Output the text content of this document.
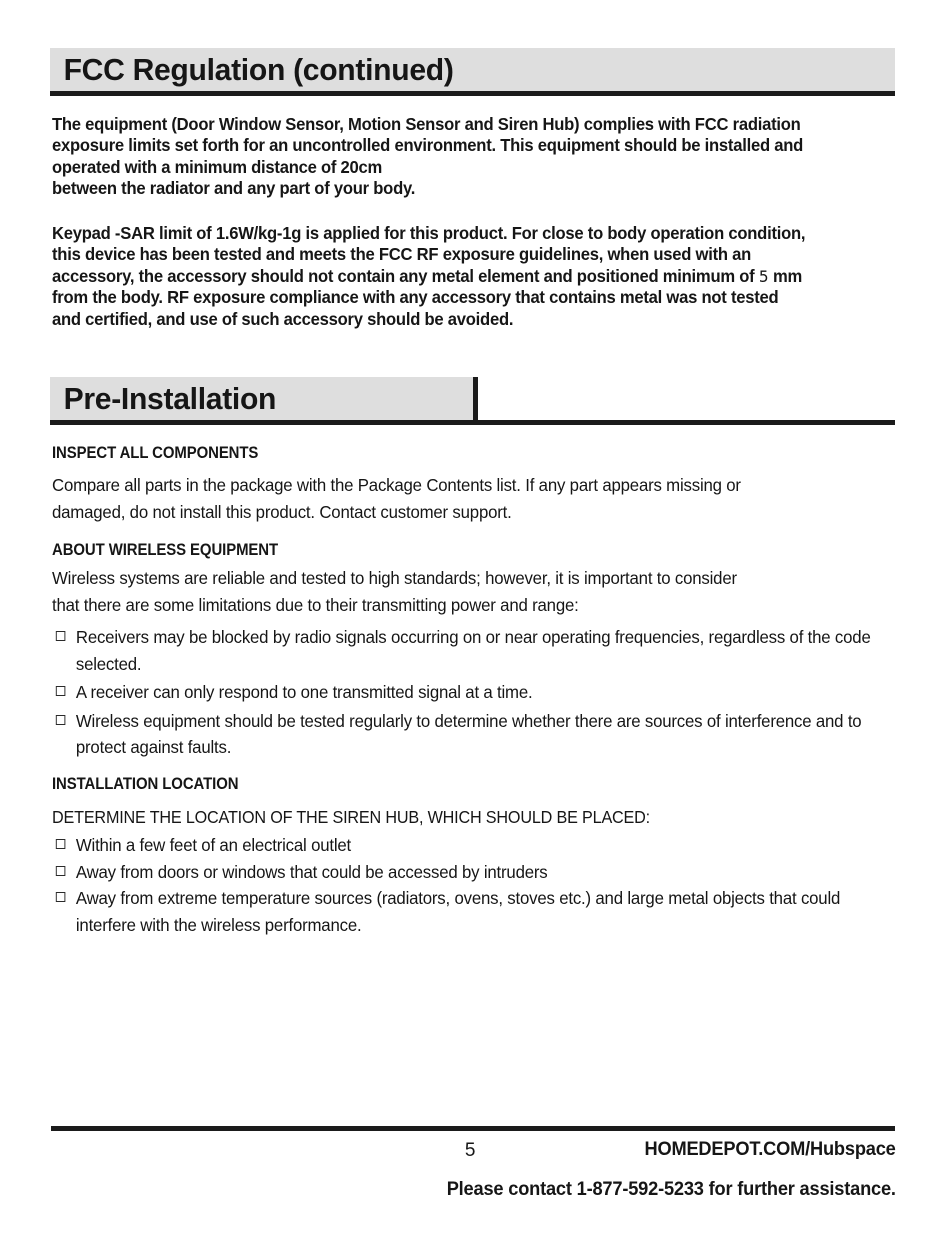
FCC Regulation (continued)
The equipment (Door Window Sensor, Motion Sensor and Siren Hub) complies with FCC radiation
exposure limits set forth for an uncontrolled environment. This equipment should be installed and
operated with a minimum distance of 20cm
between the radiator and any part of your body.
Keypad -SAR limit of 1.6W/kg-1g is applied for this product. For close to body operation condition,
this device has been tested and meets the FCC RF exposure guidelines, when used with an
accessory, the accessory should not contain any metal element and positioned minimum of 5 mm
from the body. RF exposure compliance with any accessory that contains metal was not tested
and certified, and use of such accessory should be avoided.
Pre-Installation
INSPECT ALL COMPONENTS
Compare all parts in the package with the Package Contents list. If any part appears missing or
damaged, do not install this product. Contact customer support.
ABOUT WIRELESS EQUIPMENT
Wireless systems are reliable and tested to high standards; however, it is important to consider
that there are some limitations due to their transmitting power and range:
Receivers may be blocked by radio signals occurring on or near operating frequencies, regardless of the code selected.
A receiver can only respond to one transmitted signal at a time.
Wireless equipment should be tested regularly to determine whether there are sources of interference and to protect against faults.
INSTALLATION LOCATION
DETERMINE THE LOCATION OF THE SIREN HUB, WHICH SHOULD BE PLACED:
Within a few feet of an electrical outlet
Away from doors or windows that could be accessed by intruders
Away from extreme temperature sources (radiators, ovens, stoves etc.) and large metal objects that could interfere with the wireless performance.
5	HOMEDEPOT.COM/Hubspace
Please contact 1-877-592-5233 for further assistance.
